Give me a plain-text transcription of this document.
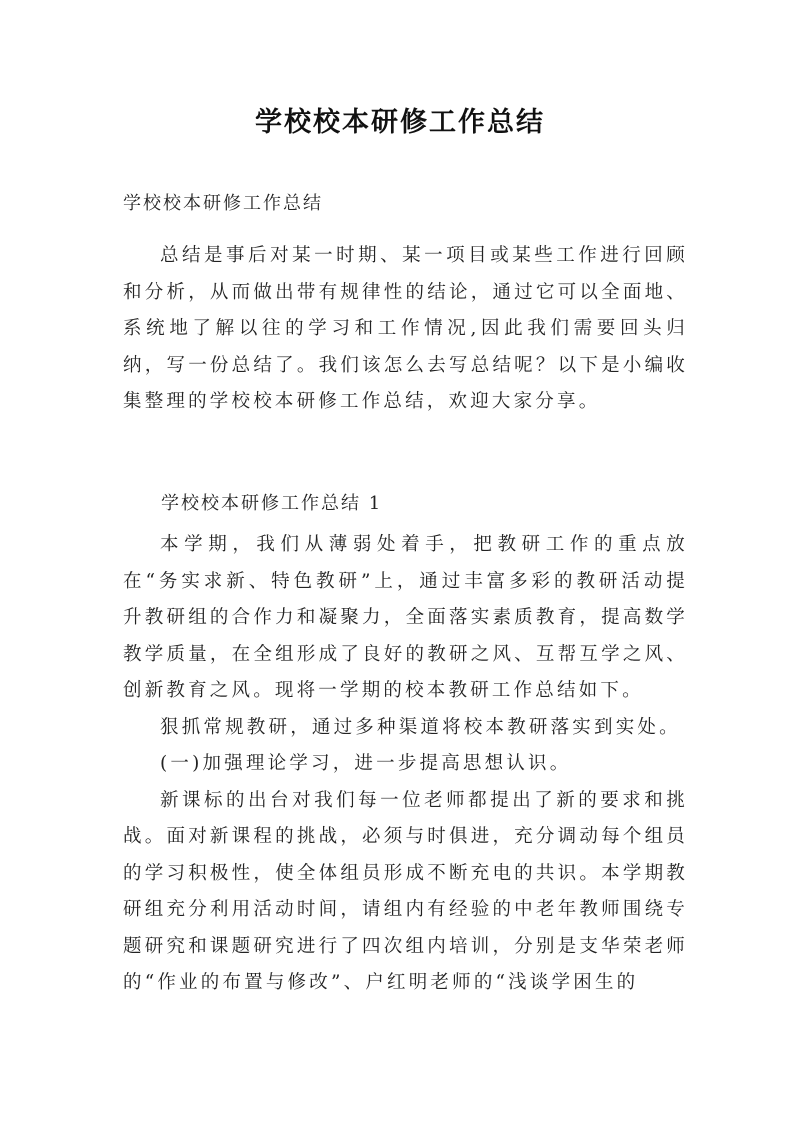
学校校本研修工作总结

学校校本研修工作总结

总结是事后对某一时期、某一项目或某些工作进行回顾和分析，从而做出带有规律性的结论，通过它可以全面地、系统地了解以往的学习和工作情况,因此我们需要回头归纳，写一份总结了。我们该怎么去写总结呢？以下是小编收集整理的学校校本研修工作总结，欢迎大家分享。

学校校本研修工作总结 1

本学期，我们从薄弱处着手，把教研工作的重点放在“务实求新、特色教研”上，通过丰富多彩的教研活动提升教研组的合作力和凝聚力，全面落实素质教育，提高数学教学质量，在全组形成了良好的教研之风、互帮互学之风、创新教育之风。现将一学期的校本教研工作总结如下。

狠抓常规教研，通过多种渠道将校本教研落实到实处。

(一)加强理论学习，进一步提高思想认识。

新课标的出台对我们每一位老师都提出了新的要求和挑战。面对新课程的挑战，必须与时俱进，充分调动每个组员的学习积极性，使全体组员形成不断充电的共识。本学期教研组充分利用活动时间，请组内有经验的中老年教师围绕专题研究和课题研究进行了四次组内培训，分别是支华荣老师的“作业的布置与修改”、户红明老师的“浅谈学困生的
